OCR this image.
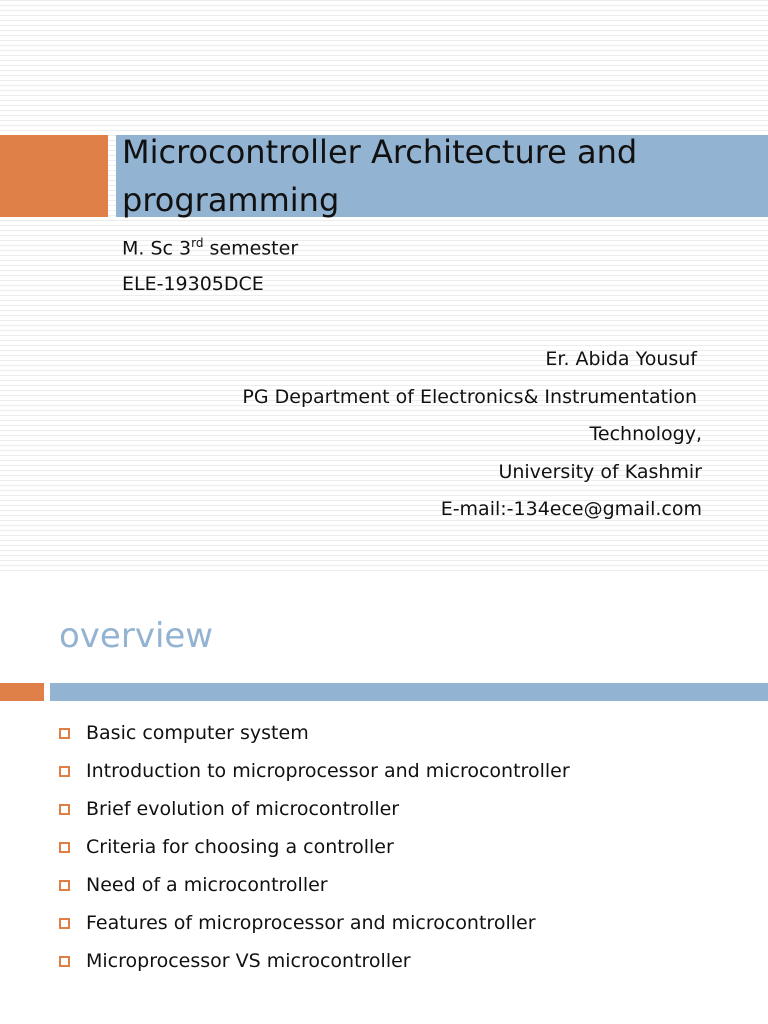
Microcontroller Architecture and
programming
M. Sc 3rd semester
ELE-19305DCE
Er. Abida Yousuf
PG Department of Electronics& Instrumentation
Technology,
University of Kashmir
E-mail:-134ece@gmail.com
overview
Basic computer system
Introduction to microprocessor and microcontroller
Brief evolution of microcontroller
Criteria for choosing a controller
Need of a microcontroller
Features of microprocessor and microcontroller
Microprocessor VS microcontroller
